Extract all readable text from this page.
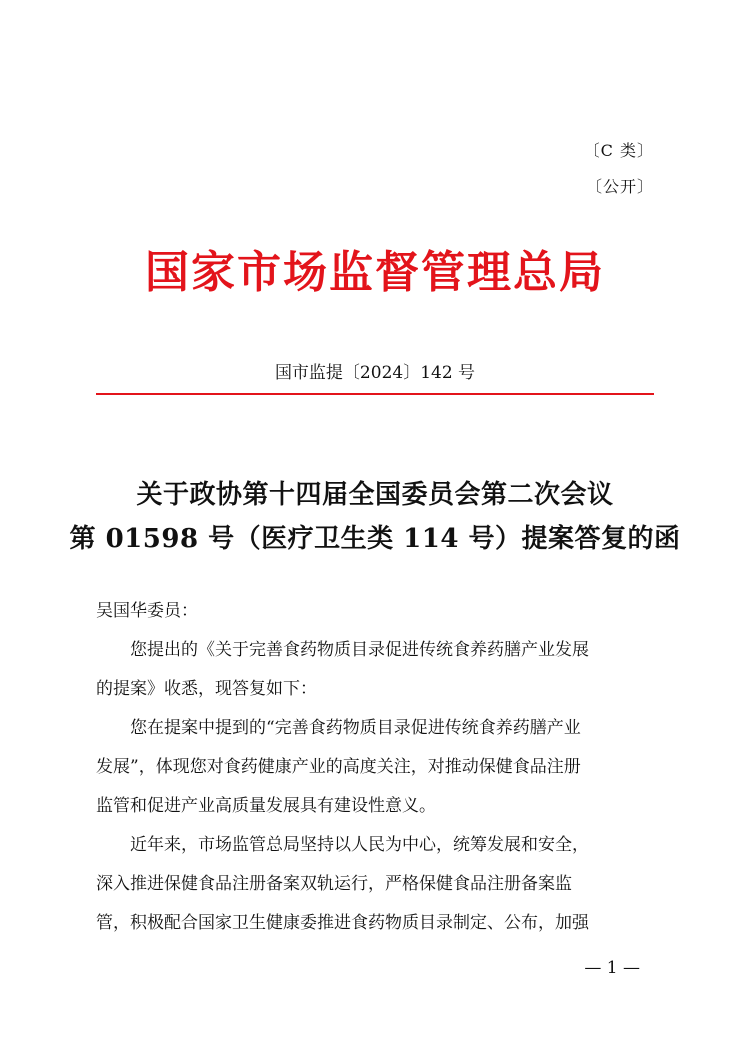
〔C 类〕
〔公开〕
国家市场监督管理总局
国市监提〔2024〕142 号
关于政协第十四届全国委员会第二次会议
第 01598 号（医疗卫生类 114 号）提案答复的函
吴国华委员：
您提出的《关于完善食药物质目录促进传统食养药膳产业发展
的提案》收悉，现答复如下：
您在提案中提到的“完善食药物质目录促进传统食养药膳产业
发展”，体现您对食药健康产业的高度关注，对推动保健食品注册
监管和促进产业高质量发展具有建设性意义。
近年来，市场监管总局坚持以人民为中心，统筹发展和安全，
深入推进保健食品注册备案双轨运行，严格保健食品注册备案监
管，积极配合国家卫生健康委推进食药物质目录制定、公布，加强
— 1 —
